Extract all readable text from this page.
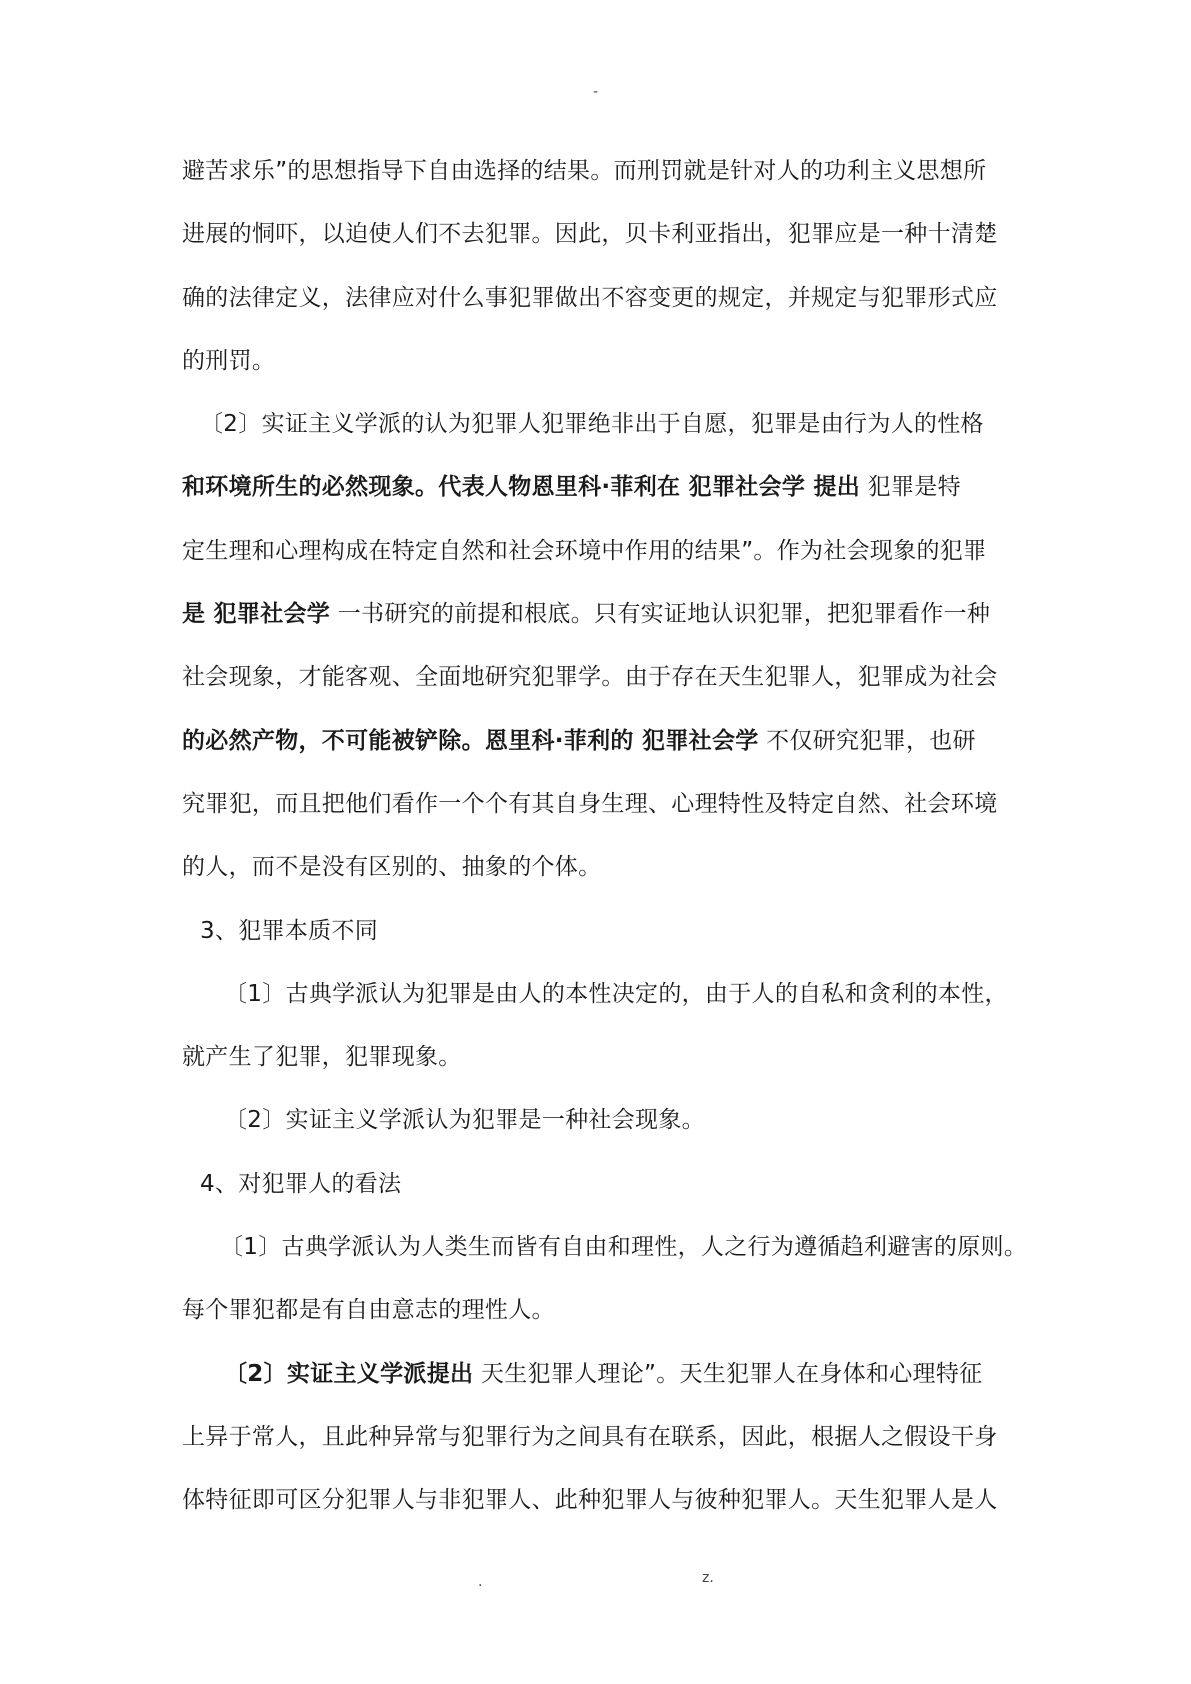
-
避苦求乐”的思想指导下自由选择的结果。而刑罚就是针对人的功利主义思想所
进展的恫吓，以迫使人们不去犯罪。因此，贝卡利亚指出，犯罪应是一种十清楚
确的法律定义，法律应对什么事犯罪做出不容变更的规定，并规定与犯罪形式应
的刑罚。
〔2〕实证主义学派的认为犯罪人犯罪绝非出于自愿，犯罪是由行为人的性格
和环境所生的必然现象。代表人物恩里科·菲利在 犯罪社会学 提出 犯罪是特
定生理和心理构成在特定自然和社会环境中作用的结果”。作为社会现象的犯罪
是 犯罪社会学 一书研究的前提和根底。只有实证地认识犯罪，把犯罪看作一种
社会现象，才能客观、全面地研究犯罪学。由于存在天生犯罪人，犯罪成为社会
的必然产物，不可能被铲除。恩里科·菲利的 犯罪社会学 不仅研究犯罪，也研
究罪犯，而且把他们看作一个个有其自身生理、心理特性及特定自然、社会环境
的人，而不是没有区别的、抽象的个体。
3、犯罪本质不同
〔1〕古典学派认为犯罪是由人的本性决定的，由于人的自私和贪利的本性，
就产生了犯罪，犯罪现象。
〔2〕实证主义学派认为犯罪是一种社会现象。
4、对犯罪人的看法
〔1〕古典学派认为人类生而皆有自由和理性，人之行为遵循趋利避害的原则。
每个罪犯都是有自由意志的理性人。
〔2〕实证主义学派提出 天生犯罪人理论”。天生犯罪人在身体和心理特征
上异于常人，且此种异常与犯罪行为之间具有在联系，因此，根据人之假设干身
体特征即可区分犯罪人与非犯罪人、此种犯罪人与彼种犯罪人。天生犯罪人是人
.	z.
